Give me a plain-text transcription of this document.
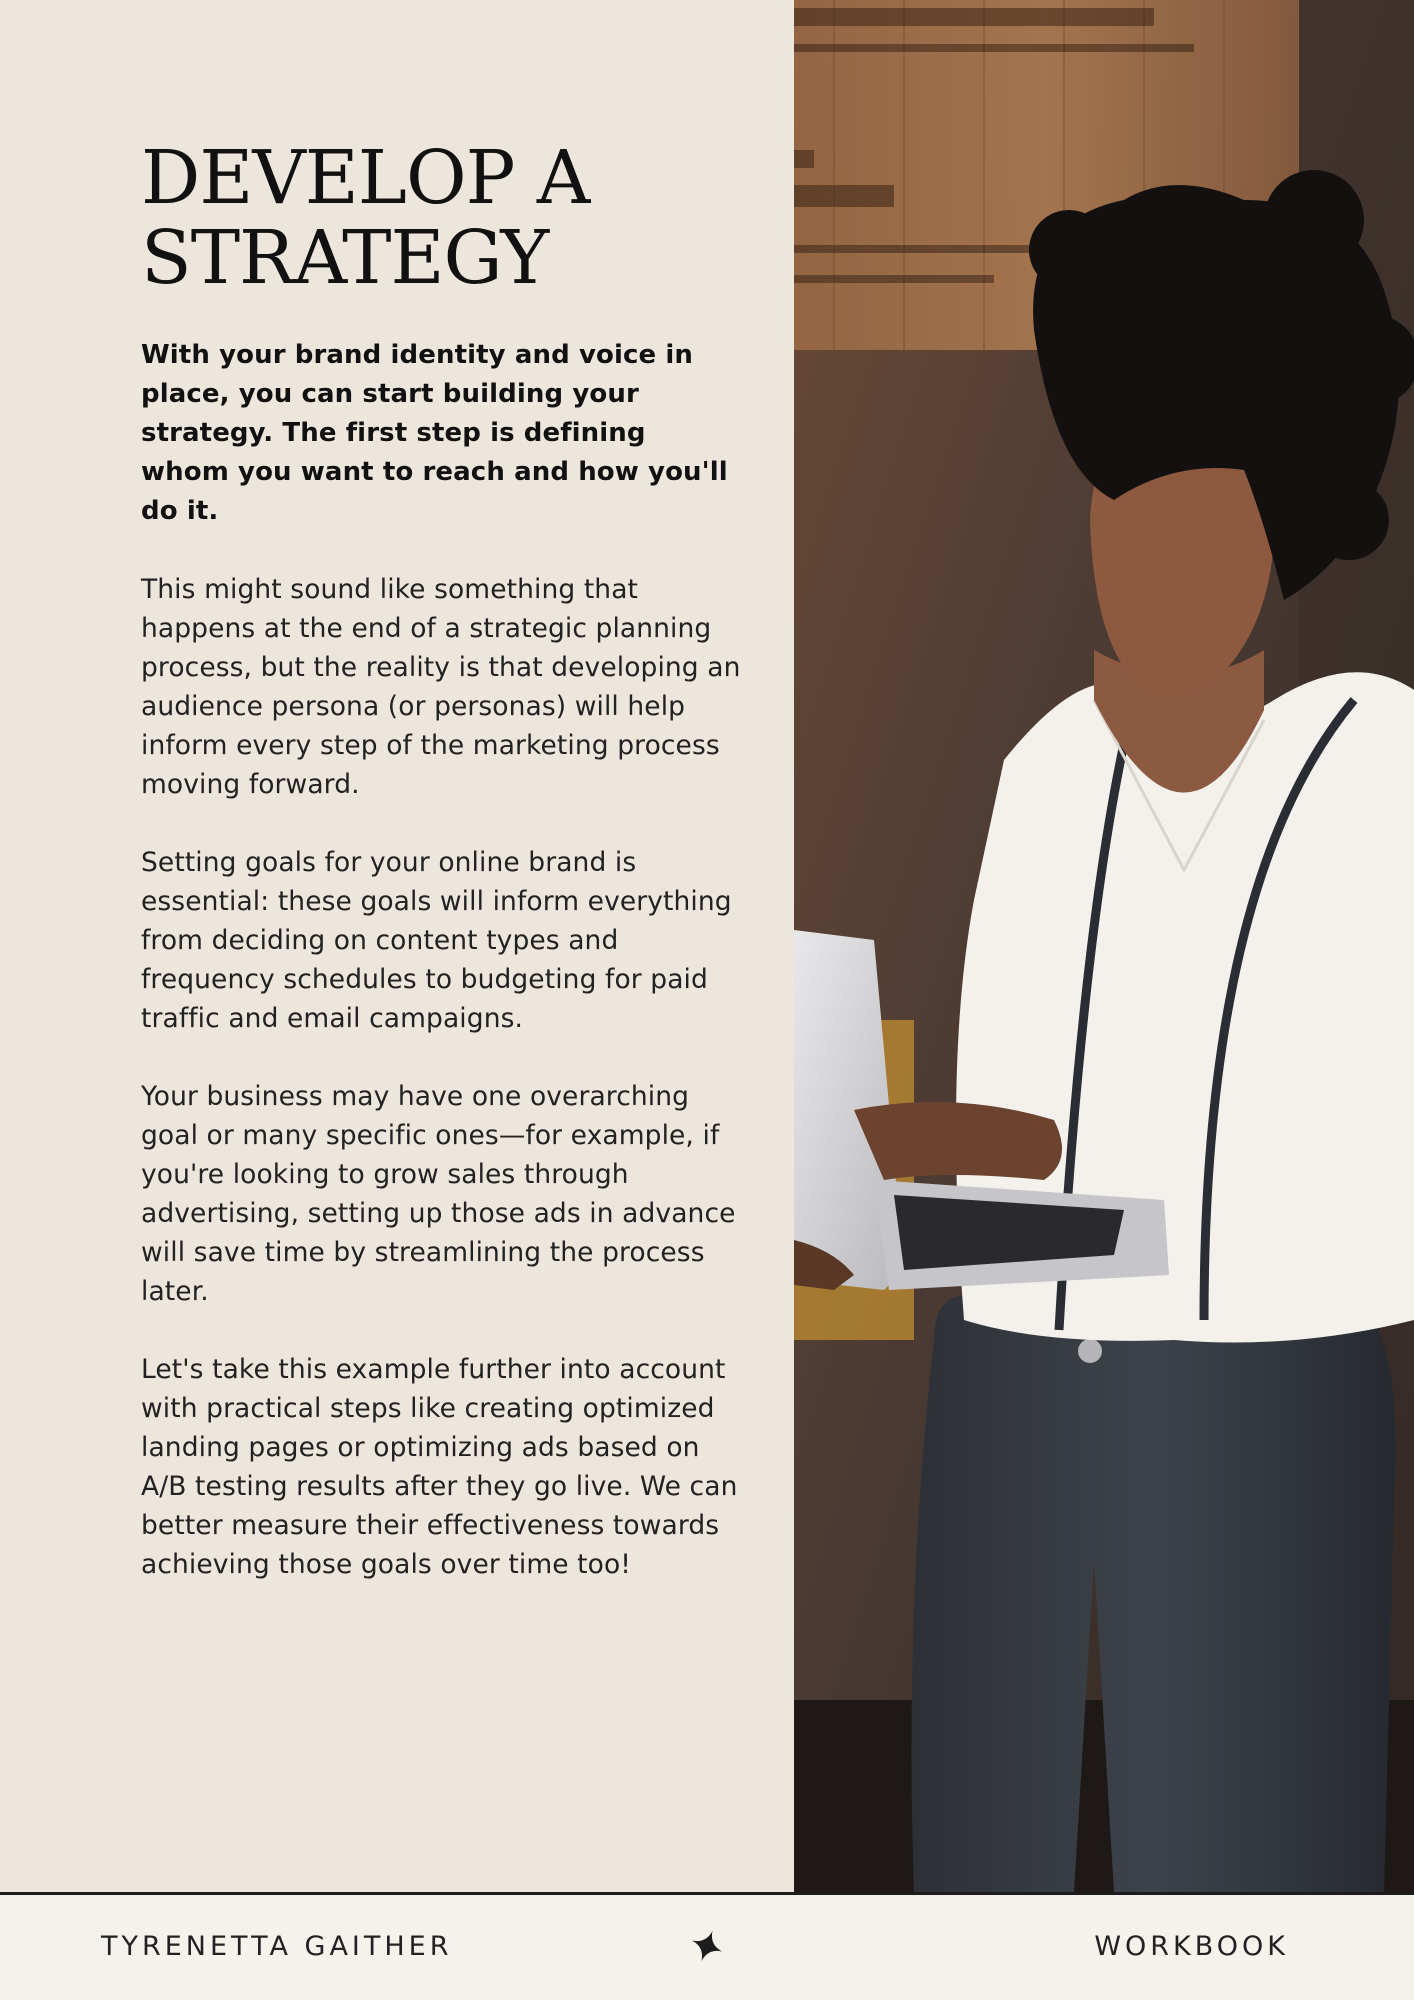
DEVELOP A
STRATEGY

With your brand identity and voice in place, you can start building your strategy. The first step is defining whom you want to reach and how you'll do it.

This might sound like something that happens at the end of a strategic planning process, but the reality is that developing an audience persona (or personas) will help inform every step of the marketing process moving forward.

Setting goals for your online brand is essential: these goals will inform everything from deciding on content types and frequency schedules to budgeting for paid traffic and email campaigns.

Your business may have one overarching goal or many specific ones—for example, if you're looking to grow sales through advertising, setting up those ads in advance will save time by streamlining the process later.

Let's take this example further into account with practical steps like creating optimized landing pages or optimizing ads based on A/B testing results after they go live. We can better measure their effectiveness towards achieving those goals over time too!

TYRENETTA GAITHER	WORKBOOK
